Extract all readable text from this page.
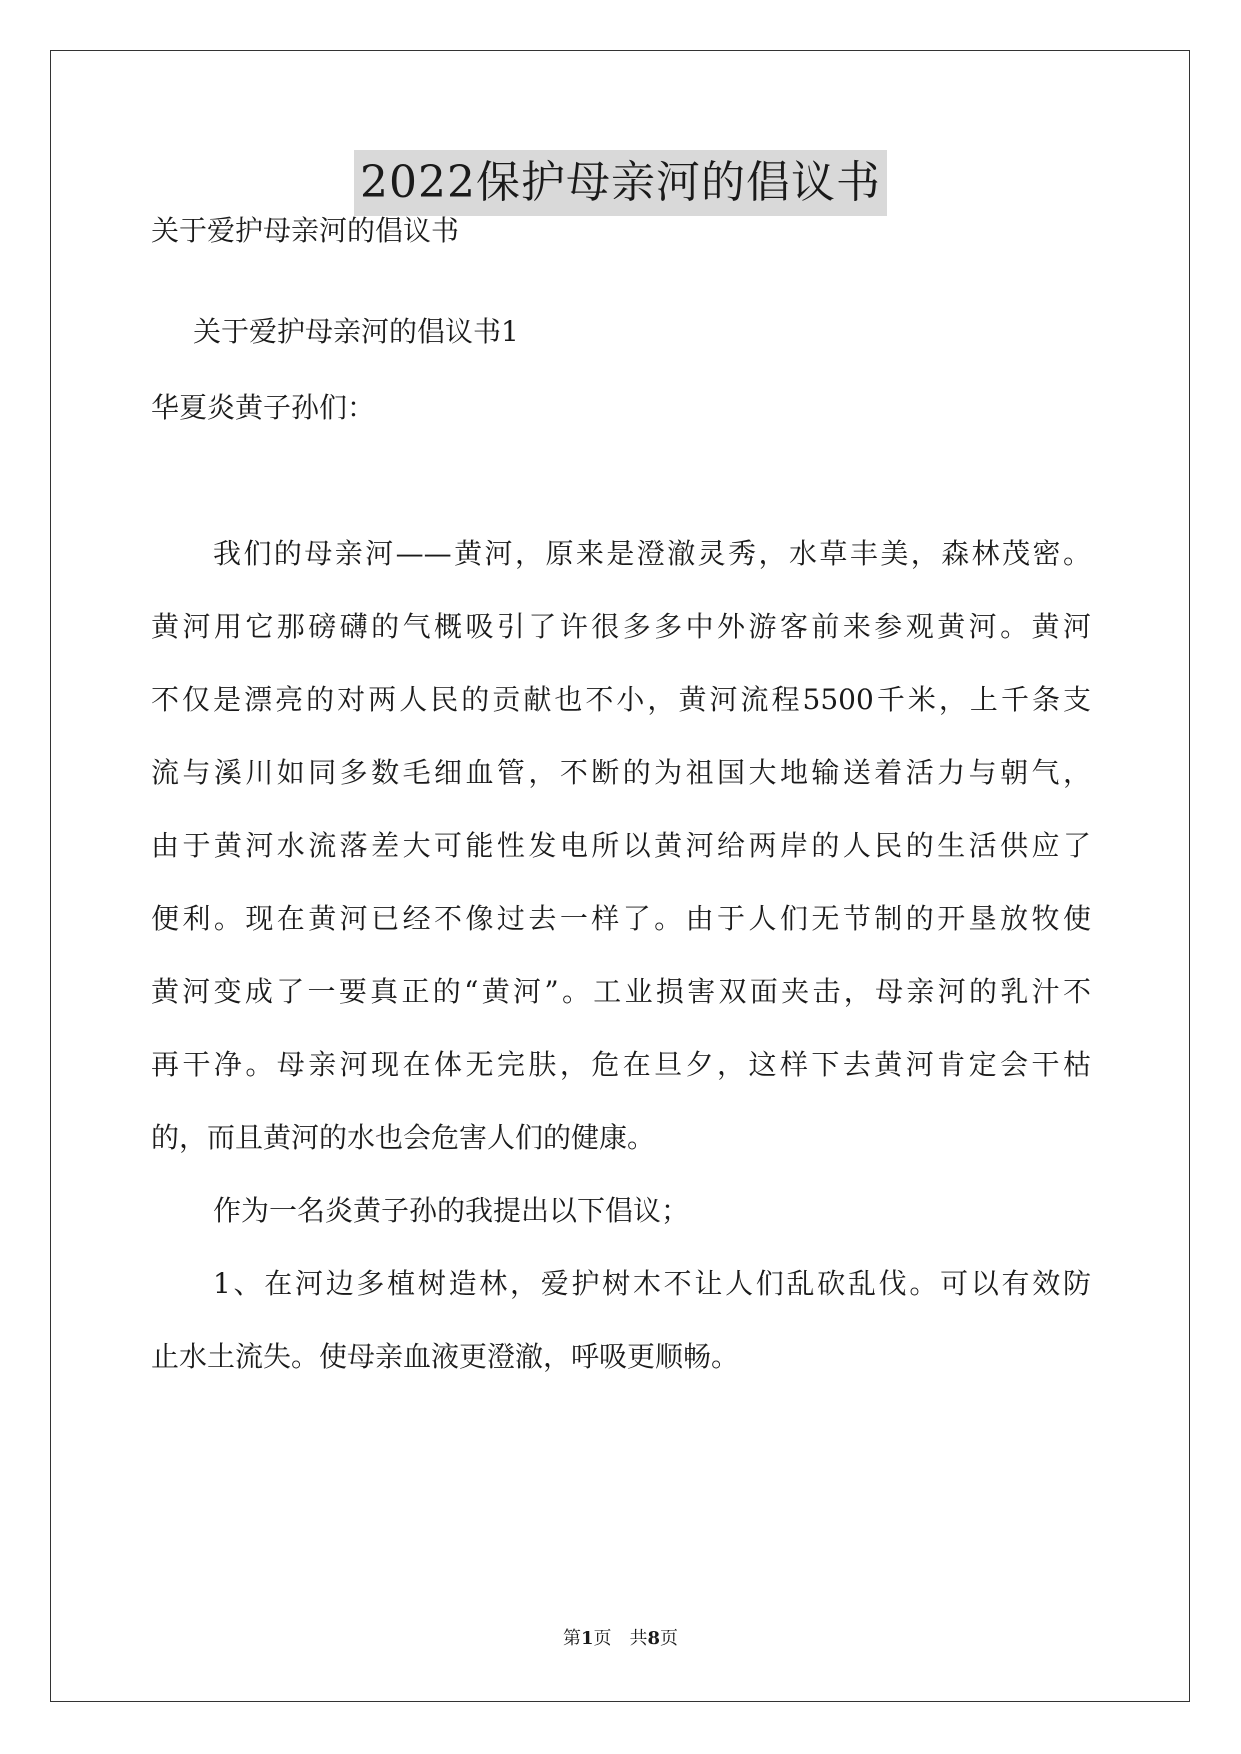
2022保护母亲河的倡议书
关于爱护母亲河的倡议书
关于爱护母亲河的倡议书1
华夏炎黄子孙们：
我们的母亲河——黄河，原来是澄澈灵秀，水草丰美，森林茂密。
黄河用它那磅礴的气概吸引了许很多多中外游客前来参观黄河。黄河
不仅是漂亮的对两人民的贡献也不小，黄河流程5500千米，上千条支
流与溪川如同多数毛细血管，不断的为祖国大地输送着活力与朝气，
由于黄河水流落差大可能性发电所以黄河给两岸的人民的生活供应了
便利。现在黄河已经不像过去一样了。由于人们无节制的开垦放牧使
黄河变成了一要真正的“黄河”。工业损害双面夹击，母亲河的乳汁不
再干净。母亲河现在体无完肤，危在旦夕，这样下去黄河肯定会干枯
的，而且黄河的水也会危害人们的健康。
作为一名炎黄子孙的我提出以下倡议；
1、在河边多植树造林，爱护树木不让人们乱砍乱伐。可以有效防
止水土流失。使母亲血液更澄澈，呼吸更顺畅。
第1页　共8页
